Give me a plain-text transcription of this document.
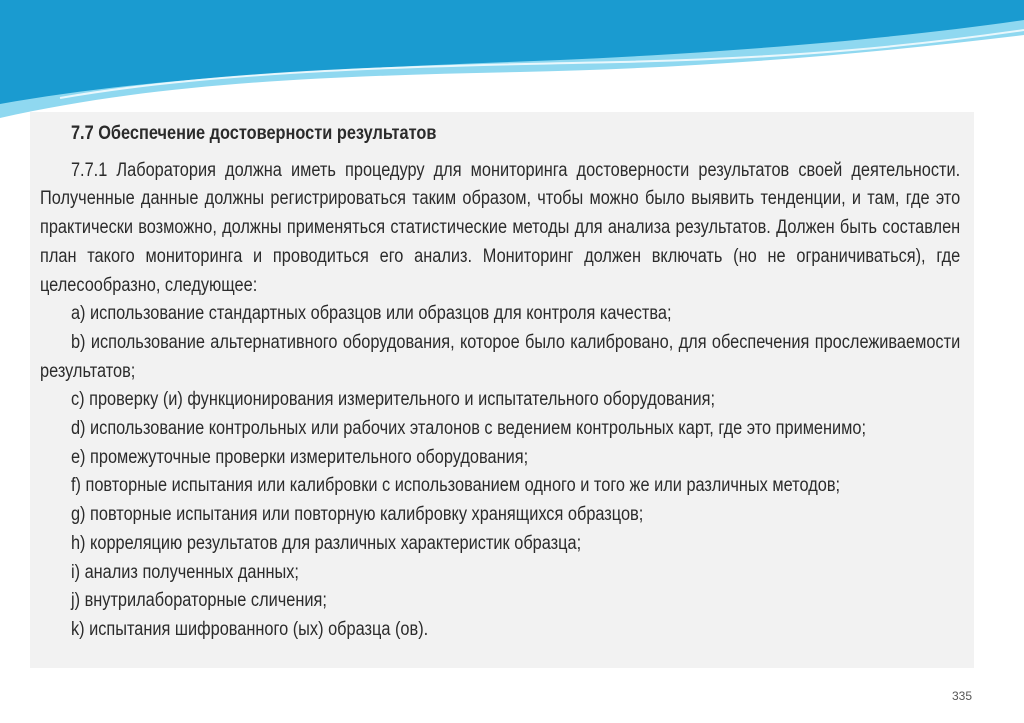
7.7 Обеспечение достоверности результатов

7.7.1 Лаборатория должна иметь процедуру для мониторинга достоверности результатов своей деятельности. Полученные данные должны регистрироваться таким образом, чтобы можно было выявить тенденции, и там, где это практически возможно, должны применяться статистические методы для анализа результатов. Должен быть составлен план такого мониторинга и проводиться его анализ. Мониторинг должен включать (но не ограничиваться), где целесообразно, следующее:

a) использование стандартных образцов или образцов для контроля качества;

b) использование альтернативного оборудования, которое было калибровано, для обеспечения прослеживаемости результатов;

c) проверку (и) функционирования измерительного и испытательного оборудования;

d) использование контрольных или рабочих эталонов с ведением контрольных карт, где это применимо;

e) промежуточные проверки измерительного оборудования;

f) повторные испытания или калибровки с использованием одного и того же или различных методов;

g) повторные испытания или повторную калибровку хранящихся образцов;

h) корреляцию результатов для различных характеристик образца;

i) анализ полученных данных;

j) внутрилабораторные сличения;

k) испытания шифрованного (ых) образца (ов).

335
